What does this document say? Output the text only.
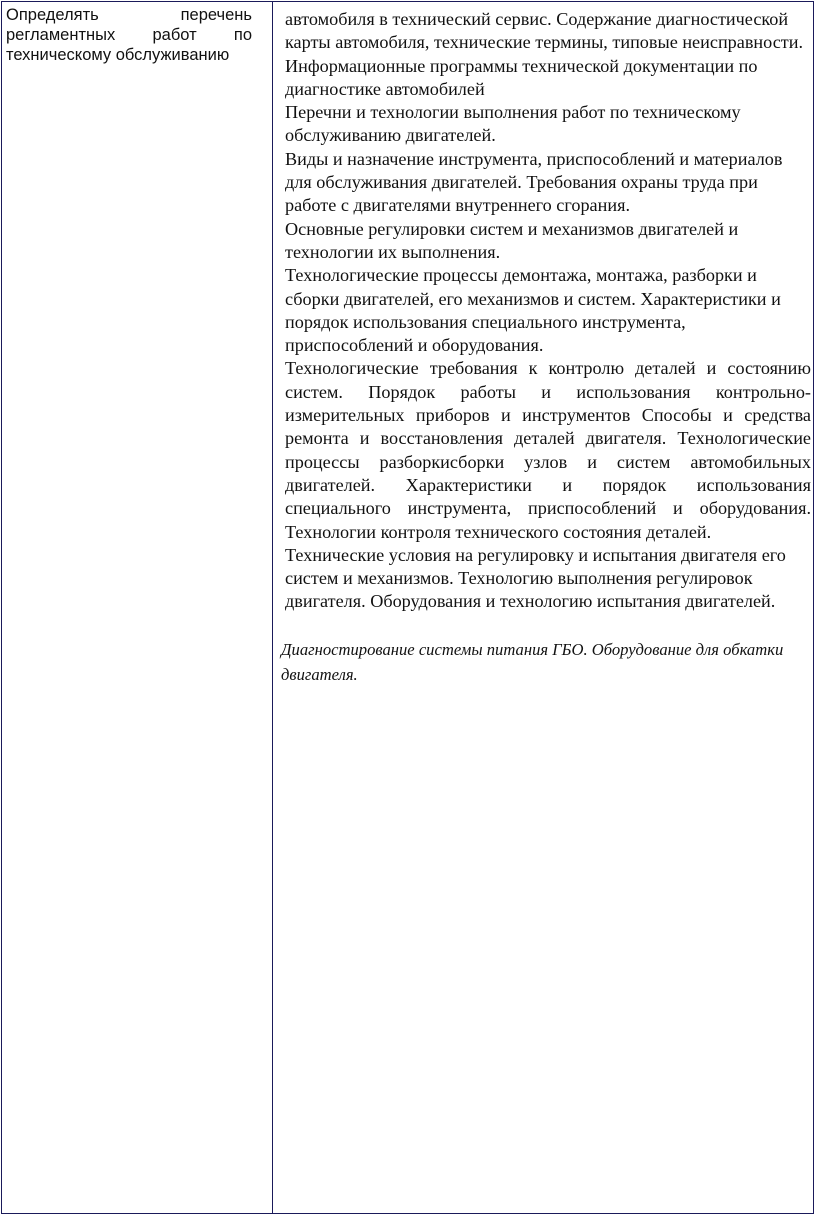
Определять перечень регламентных работ по техническому обслуживанию

автомобиля в технический сервис. Содержание диагностической карты автомобиля, технические термины, типовые неисправности. Информационные программы технической документации по диагностике автомобилей

Перечни и технологии выполнения работ по техническому обслуживанию двигателей.

Виды и назначение инструмента, приспособлений и материалов для обслуживания двигателей. Требования охраны труда при работе с двигателями внутреннего сгорания.

Основные регулировки систем и механизмов двигателей и технологии их выполнения.

Технологические процессы демонтажа, монтажа, разборки и сборки двигателей, его механизмов и систем. Характеристики и порядок использования специального инструмента, приспособлений и оборудования.

Технологические требования к контролю деталей и состоянию систем. Порядок работы и использования контрольно-измерительных приборов и инструментов Способы и средства ремонта и восстановления деталей двигателя. Технологические процессы разборкисборки узлов и систем автомобильных двигателей. Характеристики и порядок использования специального инструмента, приспособлений и оборудования. Технологии контроля технического состояния деталей.

Технические условия на регулировку и испытания двигателя его систем и механизмов. Технологию выполнения регулировок двигателя. Оборудования и технологию испытания двигателей.

Диагностирование системы питания ГБО. Оборудование для обкатки двигателя.
